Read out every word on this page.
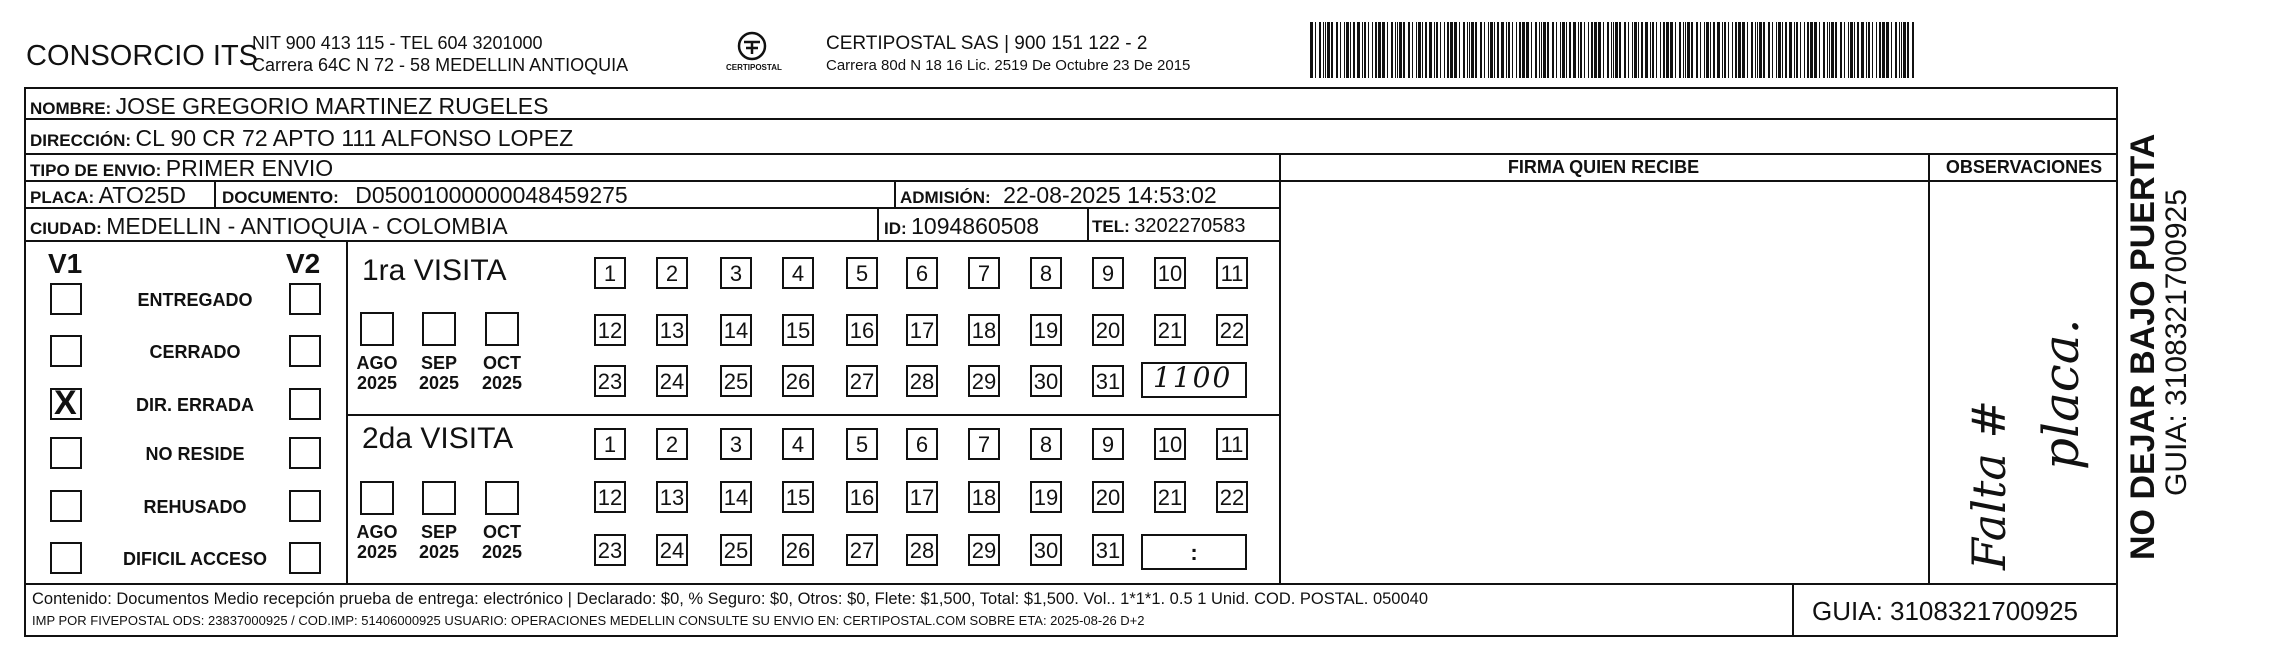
CONSORCIO ITS
NIT 900 413 115 - TEL 604 3201000
Carrera 64C N 72 - 58 MEDELLIN ANTIOQUIA	CERTIPOSTAL
CERTIPOSTAL SAS | 900 151 122 - 2
Carrera 80d N 18 16 Lic. 2519 De Octubre 23 De 2015
NOMBRE: JOSE GREGORIO MARTINEZ RUGELES
DIRECCIÓN: CL 90 CR 72 APTO 111 ALFONSO LOPEZ
TIPO DE ENVIO: PRIMER ENVIO
PLACA: ATO25D DOCUMENTO: D05001000000048459275	ADMISIÓN: 22-08-2025 14:53:02
CIUDAD: MEDELLIN - ANTIOQUIA - COLOMBIA	ID: 1094860508	TEL: 3202270583
FIRMA QUIEN RECIBE	OBSERVACIONES
V1	V2
ENTREGADO
CERRADO
X	DIR. ERRADA
NO RESIDE
REHUSADO
DIFICIL ACCESO
1ra VISITA
AGO
2025
SEP
2025
OCT
2025
1	2	3	4	5	6	7	8	9	10 11
12 13 14 15 16 17 18 19 20 21 22
23 24 25 26 27 28 29 30 31 1100
2da VISITA
AGO
2025
SEP
2025
OCT
2025
1	2	3	4	5	6	7	8	9	10 11
12 13 14 15 16 17 18 19 20 21 22
23 24 25 26 27 28 29 30 31	:	Falta #
placa. NO DEJAR BAJO PUERTA
GUIA: 3108321700925
Contenido: Documentos Medio recepción prueba de entrega: electrónico | Declarado: $0, % Seguro: $0, Otros: $0, Flete: $1,500, Total: $1,500. Vol.. 1*1*1. 0.5 1 Unid. COD. POSTAL. 050040
IMP POR FIVEPOSTAL ODS: 23837000925 / COD.IMP: 51406000925 USUARIO: OPERACIONES MEDELLIN CONSULTE SU ENVIO EN: CERTIPOSTAL.COM SOBRE ETA: 2025-08-26 D+2	GUIA: 3108321700925
